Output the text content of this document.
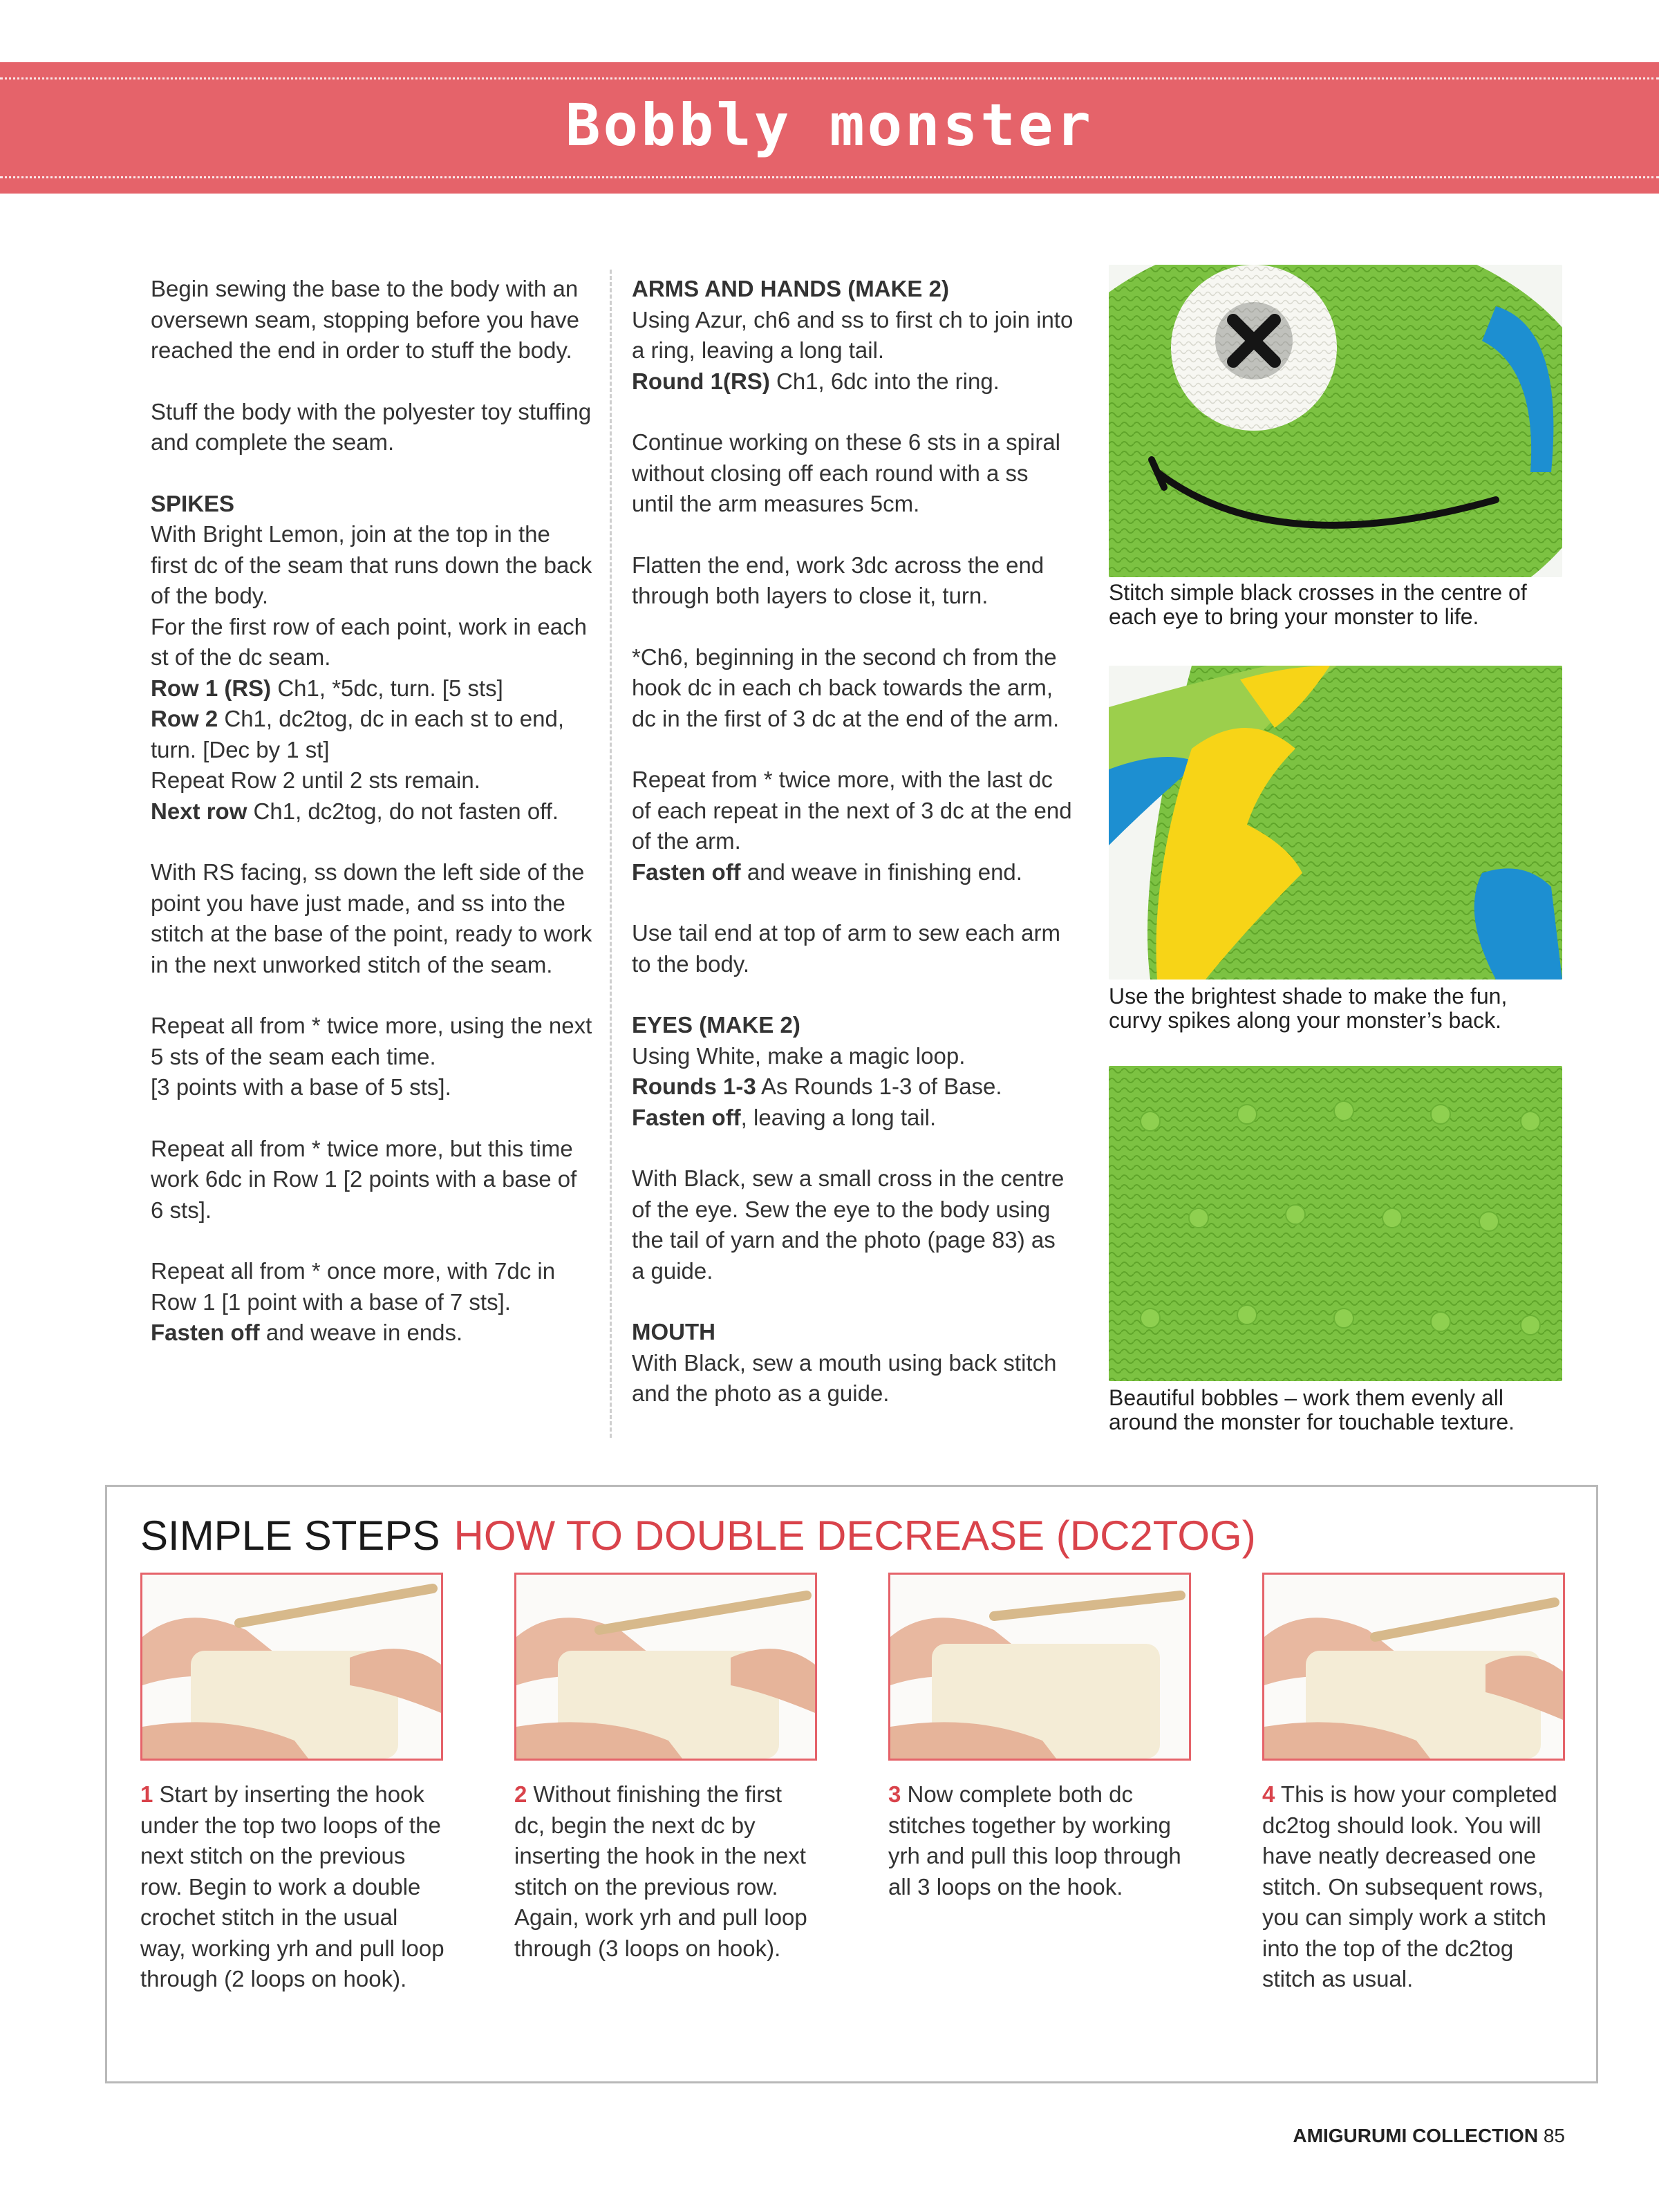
Bobbly monster

Begin sewing the base to the body with an oversewn seam, stopping before you have reached the end in order to stuff the body.

Stuff the body with the polyester toy stuffing and complete the seam.

SPIKES
With Bright Lemon, join at the top in the first dc of the seam that runs down the back of the body.
For the first row of each point, work in each st of the dc seam.
Row 1 (RS) Ch1, *5dc, turn. [5 sts]
Row 2 Ch1, dc2tog, dc in each st to end, turn. [Dec by 1 st]
Repeat Row 2 until 2 sts remain.
Next row Ch1, dc2tog, do not fasten off.

With RS facing, ss down the left side of the point you have just made, and ss into the stitch at the base of the point, ready to work in the next unworked stitch of the seam.

Repeat all from * twice more, using the next 5 sts of the seam each time.
[3 points with a base of 5 sts].

Repeat all from * twice more, but this time work 6dc in Row 1 [2 points with a base of 6 sts].

Repeat all from * once more, with 7dc in Row 1 [1 point with a base of 7 sts].
Fasten off and weave in ends.

ARMS AND HANDS (MAKE 2)
Using Azur, ch6 and ss to first ch to join into a ring, leaving a long tail.
Round 1(RS) Ch1, 6dc into the ring.

Continue working on these 6 sts in a spiral without closing off each round with a ss until the arm measures 5cm.

Flatten the end, work 3dc across the end through both layers to close it, turn.

*Ch6, beginning in the second ch from the hook dc in each ch back towards the arm, dc in the first of 3 dc at the end of the arm.

Repeat from * twice more, with the last dc of each repeat in the next of 3 dc at the end of the arm.
Fasten off and weave in finishing end.

Use tail end at top of arm to sew each arm to the body.

EYES (MAKE 2)
Using White, make a magic loop.
Rounds 1-3 As Rounds 1-3 of Base.
Fasten off, leaving a long tail.

With Black, sew a small cross in the centre of the eye. Sew the eye to the body using the tail of yarn and the photo (page 83) as a guide.

MOUTH
With Black, sew a mouth using back stitch and the photo as a guide.

Stitch simple black crosses in the centre of each eye to bring your monster to life.
Use the brightest shade to make the fun, curvy spikes along your monster’s back.
Beautiful bobbles – work them evenly all around the monster for touchable texture.
SIMPLE STEPS HOW TO DOUBLE DECREASE (DC2TOG)
1 Start by inserting the hook under the top two loops of the next stitch on the previous row. Begin to work a double crochet stitch in the usual way, working yrh and pull loop through (2 loops on hook).
2 Without finishing the first dc, begin the next dc by inserting the hook in the next stitch on the previous row. Again, work yrh and pull loop through (3 loops on hook).
3 Now complete both dc stitches together by working yrh and pull this loop through all 3 loops on the hook.
4 This is how your completed dc2tog should look. You will have neatly decreased one stitch. On subsequent rows, you can simply work a stitch into the top of the dc2tog stitch as usual.
AMIGURUMI COLLECTION 85
